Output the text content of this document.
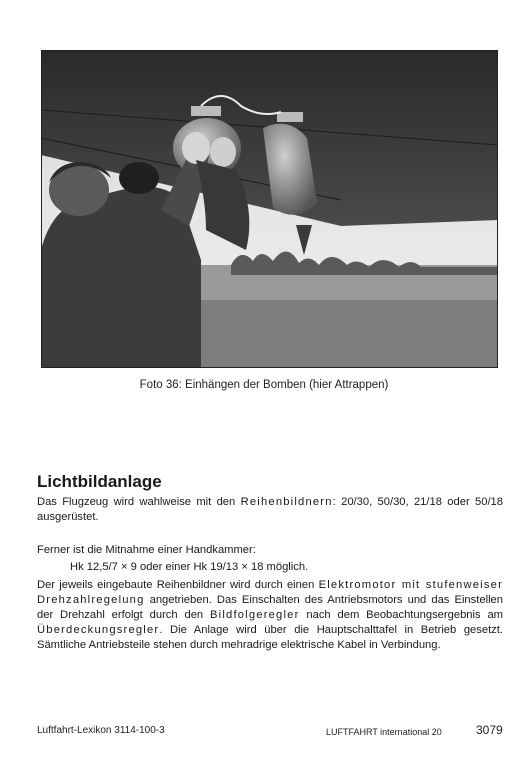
Foto 36: Einhängen der Bomben (hier Attrappen)
Lichtbildanlage

Das Flugzeug wird wahlweise mit den Reihenbildnern: 20/30, 50/30, 21/18 oder 50/18 ausgerüstet.

Ferner ist die Mitnahme einer Handkammer:

Hk 12,5/7 × 9 oder einer Hk 19/13 × 18 möglich.

Der jeweils eingebaute Reihenbildner wird durch einen Elektromotor mit stufenweiser Drehzahlregelung angetrieben. Das Einschalten des Antriebsmotors und das Einstellen der Drehzahl erfolgt durch den Bildfolgeregler nach dem Beobachtungsergebnis am Überdeckungsregler. Die Anlage wird über die Hauptschalttafel in Betrieb gesetzt. Sämtliche Antriebsteile stehen durch mehradrige elektrische Kabel in Verbindung.

Luftfahrt-Lexikon 3114-100-3	LUFTFAHRT international 20	3079
